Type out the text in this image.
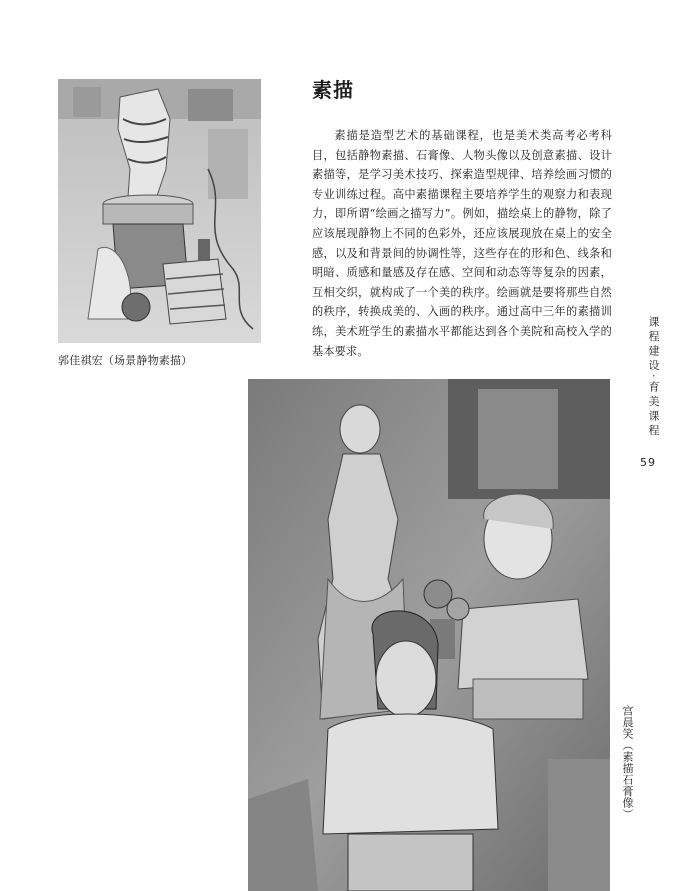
郭佳祺宏（场景静物素描）
素描
素描是造型艺术的基础课程，也是美术类高考必考科目，包括静物素描、石膏像、人物头像以及创意素描、设计素描等，是学习美术技巧、探索造型规律、培养绘画习惯的专业训练过程。高中素描课程主要培养学生的观察力和表现力，即所谓“绘画之描写力”。例如，描绘桌上的静物，除了应该展现静物上不同的色彩外，还应该展现放在桌上的安全感，以及和背景间的协调性等，这些存在的形和色、线条和明暗、质感和量感及存在感、空间和动态等等复杂的因素，互相交织，就构成了一个美的秩序。绘画就是要将那些自然的秩序，转换成美的、入画的秩序。通过高中三年的素描训练，美术班学生的素描水平都能达到各个美院和高校入学的基本要求。	课程建设·育美课程
59
宫晨笑（素描石膏像）
